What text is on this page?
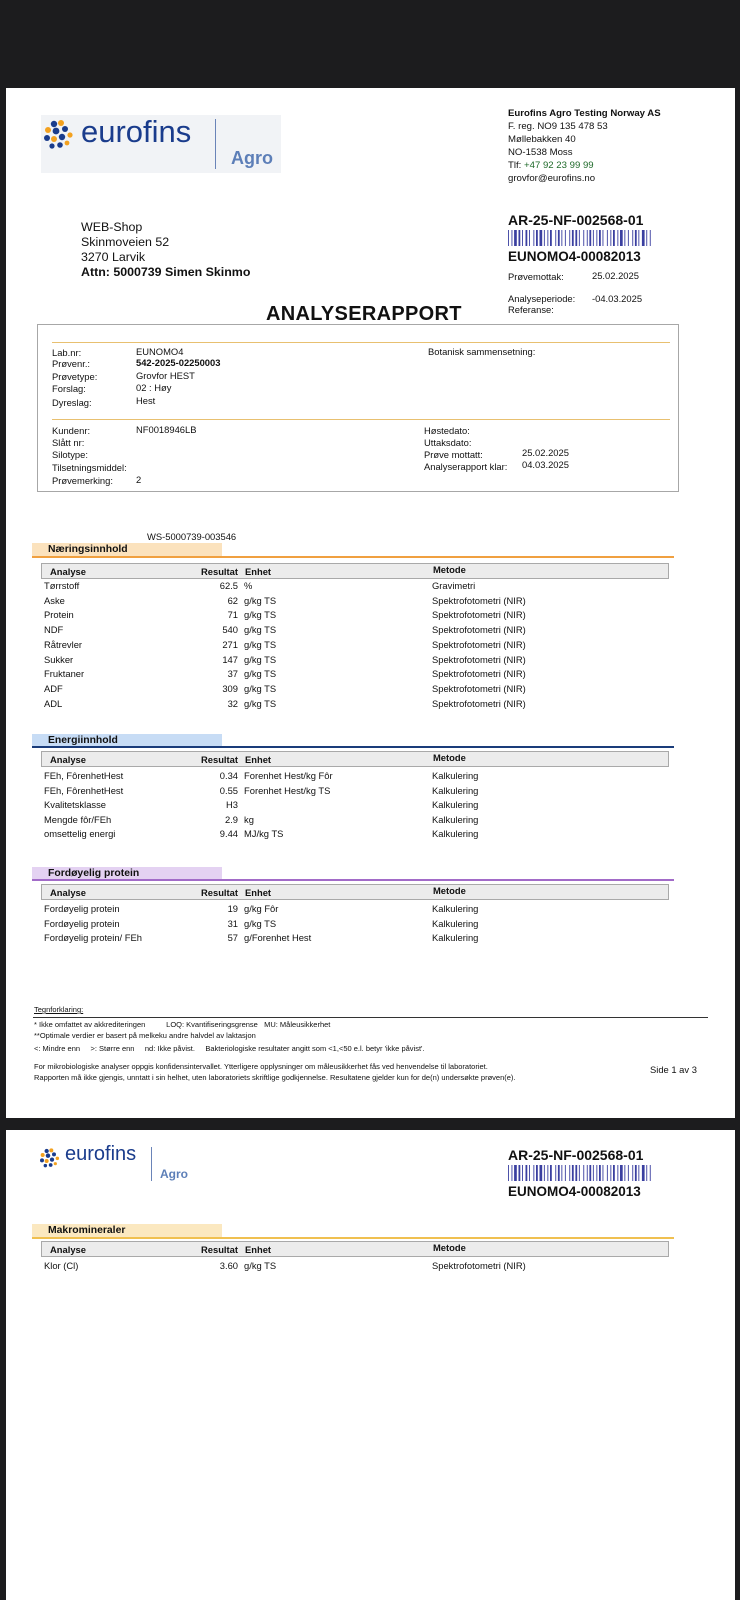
eurofins
Agro
Eurofins Agro Testing Norway AS
F. reg. NO9 135 478 53
Møllebakken 40
NO-1538 Moss
Tlf: +47 92 23 99 99
grovfor@eurofins.no
WEB-Shop
Skinmoveien 52
3270 Larvik
Attn: 5000739 Simen Skinmo
AR-25-NF-002568-01
EUNOMO4-00082013
Prøvemottak:	25.02.2025
Analyseperiode: -04.03.2025
Referanse:
ANALYSERAPPORT
Lab.nr:	EUNOMO4
Prøvenr.:	542-2025-02250003
Prøvetype:	Grovfor HEST
Forslag:	02 : Høy
Dyreslag:	Hest
Botanisk sammensetning:
Kundenr:	NF0018946LB
Slått nr:
Silotype:
Tilsetningsmiddel:
Prøvemerking: 2
Høstedato:
Uttaksdato:
Prøve mottatt:	25.02.2025
Analyserapport klar: 04.03.2025
WS-5000739-003546
Næringsinnhold
Analyse	Resultat Enhet	Metode
Tørrstoff	62.5 %	Gravimetri
Aske	62 g/kg TS	Spektrofotometri (NIR)
Protein	71 g/kg TS	Spektrofotometri (NIR)
NDF	540 g/kg TS	Spektrofotometri (NIR)
Råtrevler	271 g/kg TS	Spektrofotometri (NIR)
Sukker	147 g/kg TS	Spektrofotometri (NIR)
Fruktaner	37 g/kg TS	Spektrofotometri (NIR)
ADF	309 g/kg TS	Spektrofotometri (NIR)
ADL	32 g/kg TS	Spektrofotometri (NIR)
Energiinnhold
Analyse	Resultat Enhet	Metode
FEh, FôrenhetHest	0.34 Forenhet Hest/kg Fôr	Kalkulering
FEh, FôrenhetHest	0.55 Forenhet Hest/kg TS	Kalkulering
Kvalitetsklasse	H3	Kalkulering
Mengde fôr/FEh	2.9 kg	Kalkulering
omsettelig energi	9.44 MJ/kg TS	Kalkulering
Fordøyelig protein
Analyse	Resultat Enhet	Metode
Fordøyelig protein	19 g/kg Fôr	Kalkulering
Fordøyelig protein	31 g/kg TS	Kalkulering
Fordøyelig protein/ FEh	57 g/Forenhet Hest	Kalkulering
Tegnforklaring:
* Ikke omfattet av akkrediteringen          LOQ: Kvantifiseringsgrense   MU: Måleusikkerhet
**Optimale verdier er basert på melkeku andre halvdel av laktasjon
<: Mindre enn     >: Større enn     nd: Ikke påvist.     Bakteriologiske resultater angitt som <1,<50 e.l. betyr 'ikke påvist'.
For mikrobiologiske analyser oppgis konfidensintervallet. Ytterligere opplysninger om måleusikkerhet fås ved henvendelse til laboratoriet.
Rapporten må ikke gjengis, unntatt i sin helhet, uten laboratoriets skriftlige godkjennelse. Resultatene gjelder kun for de(n) undersøkte prøven(e).
Side 1 av 3
eurofins
Agro
AR-25-NF-002568-01
EUNOMO4-00082013
Makromineraler
Analyse	Resultat Enhet	Metode
Klor (Cl)	3.60 g/kg TS	Spektrofotometri (NIR)
